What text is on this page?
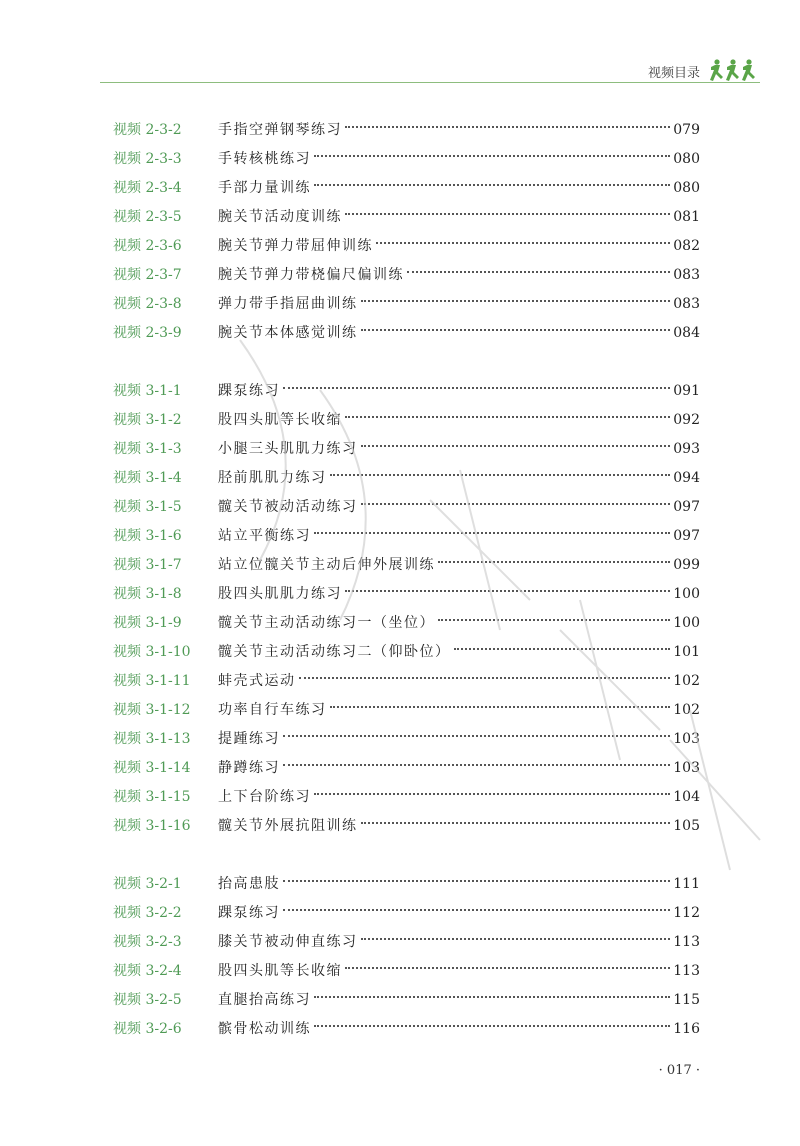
视频目录
视频 2-3-2	手指空弹钢琴练习	079
视频 2-3-3	手转核桃练习	080
视频 2-3-4	手部力量训练	080
视频 2-3-5	腕关节活动度训练	081
视频 2-3-6	腕关节弹力带屈伸训练	082
视频 2-3-7	腕关节弹力带桡偏尺偏训练	083
视频 2-3-8	弹力带手指屈曲训练	083
视频 2-3-9	腕关节本体感觉训练	084
视频 3-1-1	踝泵练习	091
视频 3-1-2	股四头肌等长收缩	092
视频 3-1-3	小腿三头肌肌力练习	093
视频 3-1-4	胫前肌肌力练习	094
视频 3-1-5	髋关节被动活动练习	097
视频 3-1-6	站立平衡练习	097
视频 3-1-7	站立位髋关节主动后伸外展训练	099
视频 3-1-8	股四头肌肌力练习	100
视频 3-1-9	髋关节主动活动练习一（坐位）	100
视频 3-1-10	髋关节主动活动练习二（仰卧位）	101
视频 3-1-11	蚌壳式运动	102
视频 3-1-12	功率自行车练习	102
视频 3-1-13	提踵练习	103
视频 3-1-14	静蹲练习	103
视频 3-1-15	上下台阶练习	104
视频 3-1-16	髋关节外展抗阻训练	105
视频 3-2-1	抬高患肢	111
视频 3-2-2	踝泵练习	112
视频 3-2-3	膝关节被动伸直练习	113
视频 3-2-4	股四头肌等长收缩	113
视频 3-2-5	直腿抬高练习	115
视频 3-2-6	髌骨松动训练	116
· 017 ·
